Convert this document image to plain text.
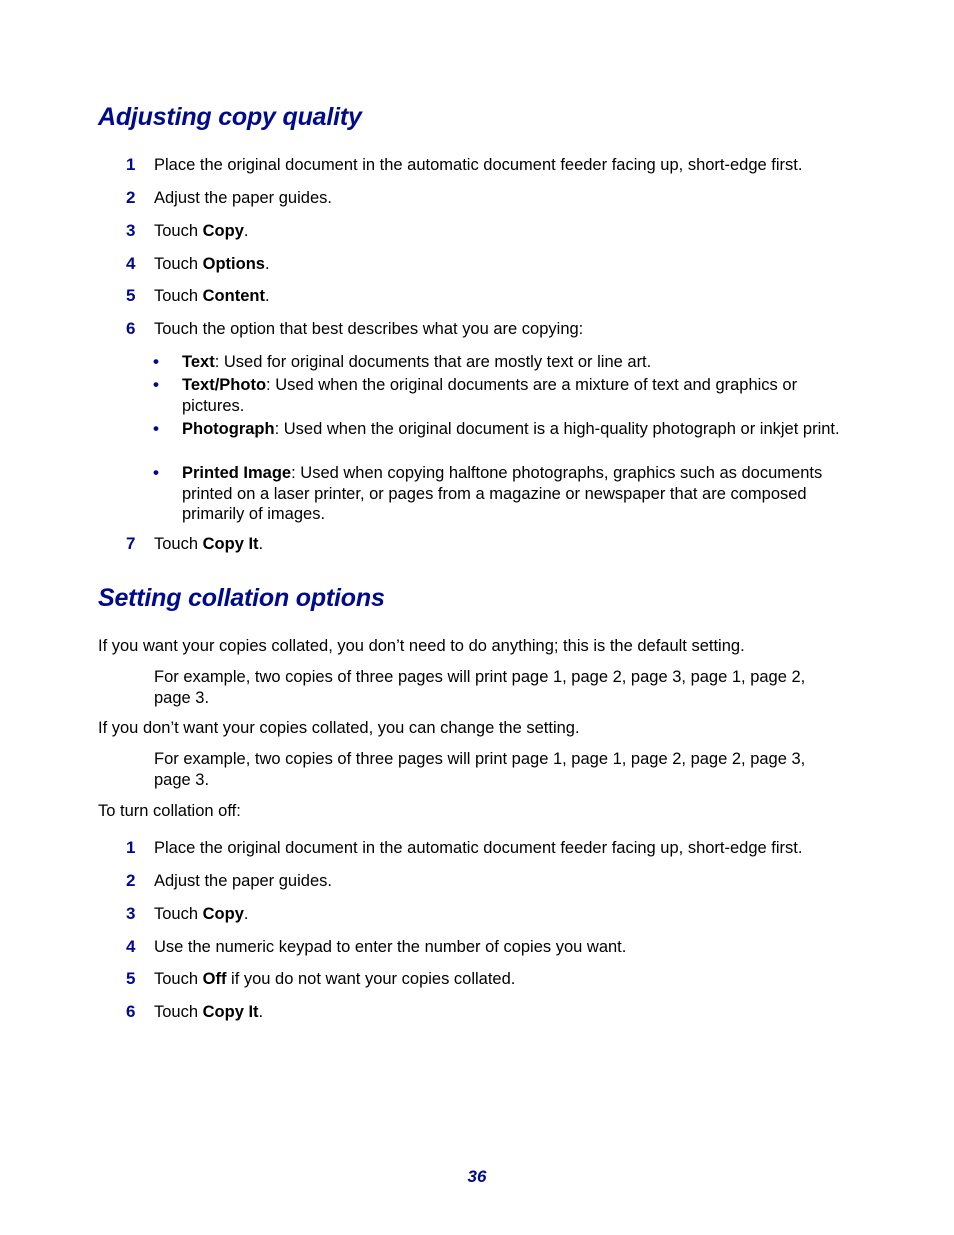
Adjusting copy quality
1 Place the original document in the automatic document feeder facing up, short-edge first.
2 Adjust the paper guides.
3 Touch Copy.
4 Touch Options.
5 Touch Content.
6 Touch the option that best describes what you are copying:
• Text: Used for original documents that are mostly text or line art.
• Text/Photo: Used when the original documents are a mixture of text and graphics or pictures.
• Photograph: Used when the original document is a high-quality photograph or inkjet print.
• Printed Image: Used when copying halftone photographs, graphics such as documents printed on a laser printer, or pages from a magazine or newspaper that are composed primarily of images.
7 Touch Copy It.
Setting collation options
If you want your copies collated, you don’t need to do anything; this is the default setting.
For example, two copies of three pages will print page 1, page 2, page 3, page 1, page 2, page 3.
If you don’t want your copies collated, you can change the setting.
For example, two copies of three pages will print page 1, page 1, page 2, page 2, page 3, page 3.
To turn collation off:
1 Place the original document in the automatic document feeder facing up, short-edge first.
2 Adjust the paper guides.
3 Touch Copy.
4 Use the numeric keypad to enter the number of copies you want.
5 Touch Off if you do not want your copies collated.
6 Touch Copy It.
36
